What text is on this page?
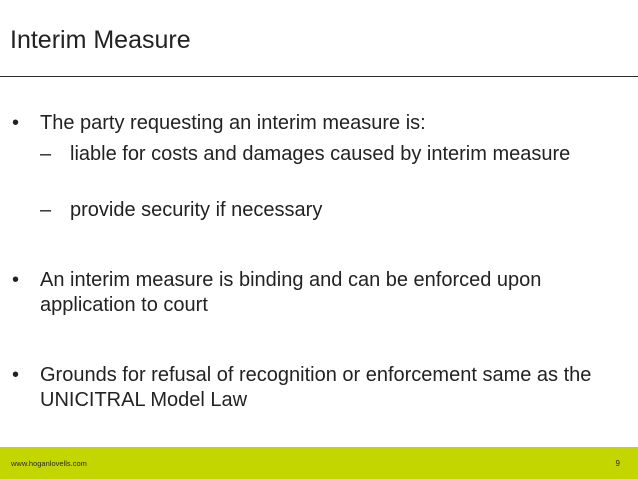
Interim Measure
•	The party requesting an interim measure is:
– liable for costs and damages caused by interim measure
– provide security if necessary
•	An interim measure is binding and can be enforced upon application to court
•	Grounds for refusal of recognition or enforcement same as the UNICITRAL Model Law
www.hoganlovells.com	9
